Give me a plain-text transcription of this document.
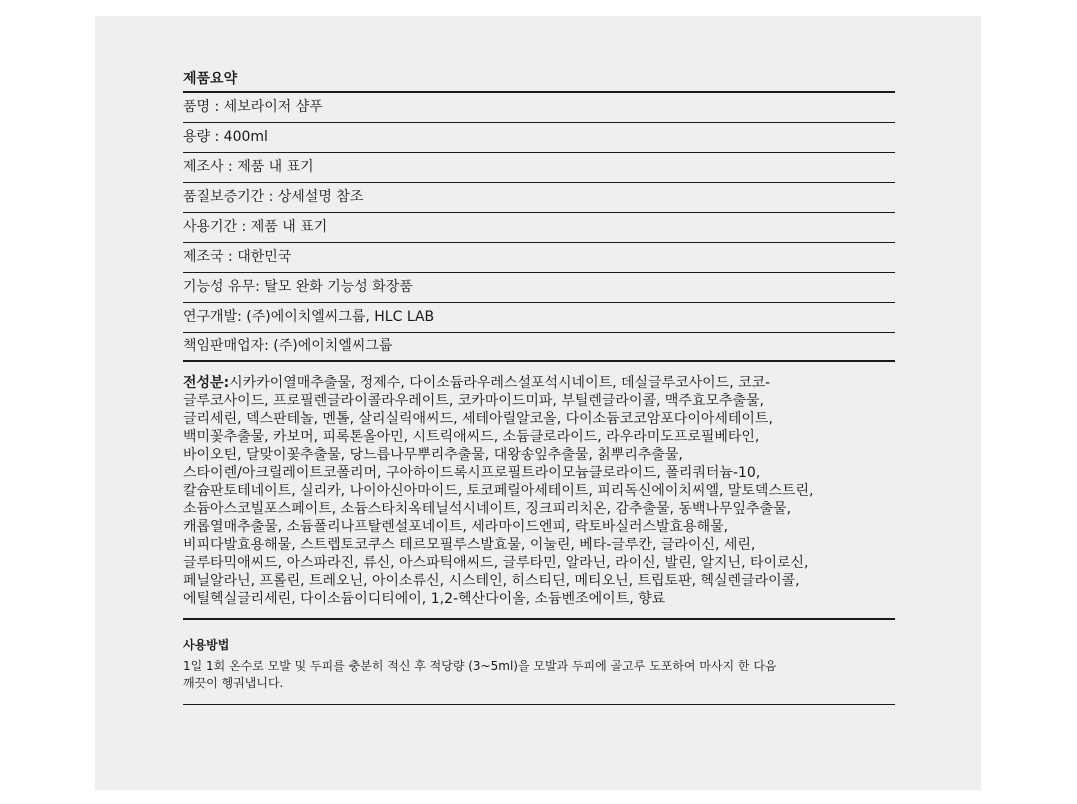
제품요약
품명 : 세보라이저 샴푸
용량 : 400ml
제조사 : 제품 내 표기
품질보증기간 : 상세설명 참조
사용기간 : 제품 내 표기
제조국 : 대한민국
기능성 유무: 탈모 완화 기능성 화장품
연구개발: (주)에이치엘씨그룹, HLC LAB
책임판매업자: (주)에이치엘씨그룹
전성분:시카카이열매추출물, 정제수, 다이소듐라우레스설포석시네이트, 데실글루코사이드, 코코-
글루코사이드, 프로필렌글라이콜라우레이트, 코카마이드미파, 부틸렌글라이콜, 맥주효모추출물,
글리세린, 덱스판테놀, 멘톨, 살리실릭애씨드, 세테아릴알코올, 다이소듐코코암포다이아세테이트,
백미꽃추출물, 카보머, 피록톤올아민, 시트릭애씨드, 소듐클로라이드, 라우라미도프로필베타인,
바이오틴, 달맞이꽃추출물, 당느릅나무뿌리추출물, 대왕송잎추출물, 칡뿌리추출물,
스타이렌/아크릴레이트코폴리머, 구아하이드록시프로필트라이모늄클로라이드, 폴리쿼터늄-10,
칼슘판토테네이트, 실리카, 나이아신아마이드, 토코페릴아세테이트, 피리독신에이치씨엘, 말토덱스트린,
소듐아스코빌포스페이트, 소듐스타치옥테닐석시네이트, 징크피리치온, 감추출물, 동백나무잎추출물,
캐롭열매추출물, 소듐폴리나프탈렌설포네이트, 세라마이드엔피, 락토바실러스발효용해물,
비피다발효용해물, 스트렙토코쿠스 테르모필루스발효물, 이눌린, 베타-글루칸, 글라이신, 세린,
글루타믹애씨드, 아스파라진, 류신, 아스파틱애씨드, 글루타민, 알라닌, 라이신, 발린, 알지닌, 타이로신,
페닐알라닌, 프롤린, 트레오닌, 아이소류신, 시스테인, 히스티딘, 메티오닌, 트립토판, 헥실렌글라이콜,
에틸헥실글리세린, 다이소듐이디티에이, 1,2-헥산다이올, 소듐벤조에이트, 향료
사용방법
1일 1회 온수로 모발 및 두피를 충분히 적신 후 적당량 (3~5ml)을 모발과 두피에 골고루 도포하여 마사지 한 다음
깨끗이 헹궈냅니다.
